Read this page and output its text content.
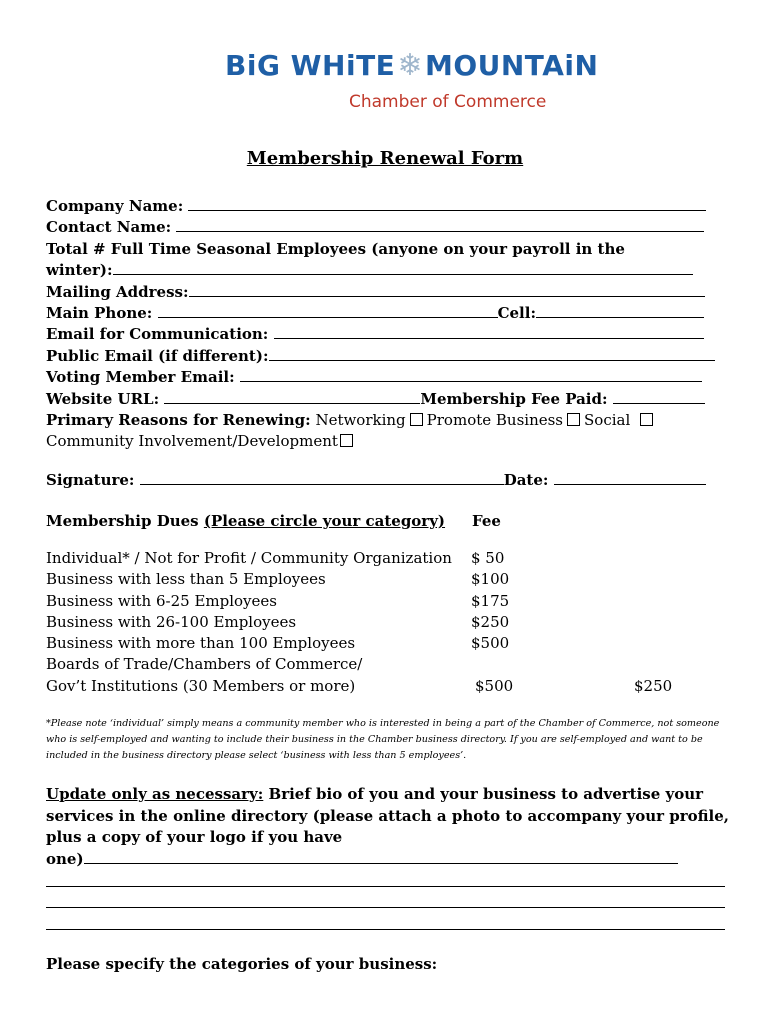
BiG WHiTE❄MOUNTAiN
Chamber of Commerce
Membership Renewal Form
Company Name:
Contact Name:
Total # Full Time Seasonal Employees (anyone on your payroll in the
winter):
Mailing Address:
Main Phone:	Cell:
Email for Communication:
Public Email (if different):
Voting Member Email:
Website URL:	Membership Fee Paid:
Primary Reasons for Renewing: Networking Promote Business Social
Community Involvement/Development
Signature:	Date:
Membership Dues (Please circle your category) Fee
Individual* / Not for Profit / Community Organization $ 50
Business with less than 5 Employees	$100
Business with 6-25 Employees	$175
Business with 26-100 Employees	$250
Business with more than 100 Employees	$500
Boards of Trade/Chambers of Commerce/
Gov’t Institutions (30 Members or more)	$500	$250
*Please note ‘individual’ simply means a community member who is interested in being a part of the Chamber of Commerce, not someone who is self-employed and wanting to include their business in the Chamber business directory. If you are self-employed and want to be included in the business directory please select ‘business with less than 5 employees’.
Update only as necessary: Brief bio of you and your business to advertise your
services in the online directory (please attach a photo to accompany your profile,
plus a copy of your logo if you have
one)
Please specify the categories of your business:
